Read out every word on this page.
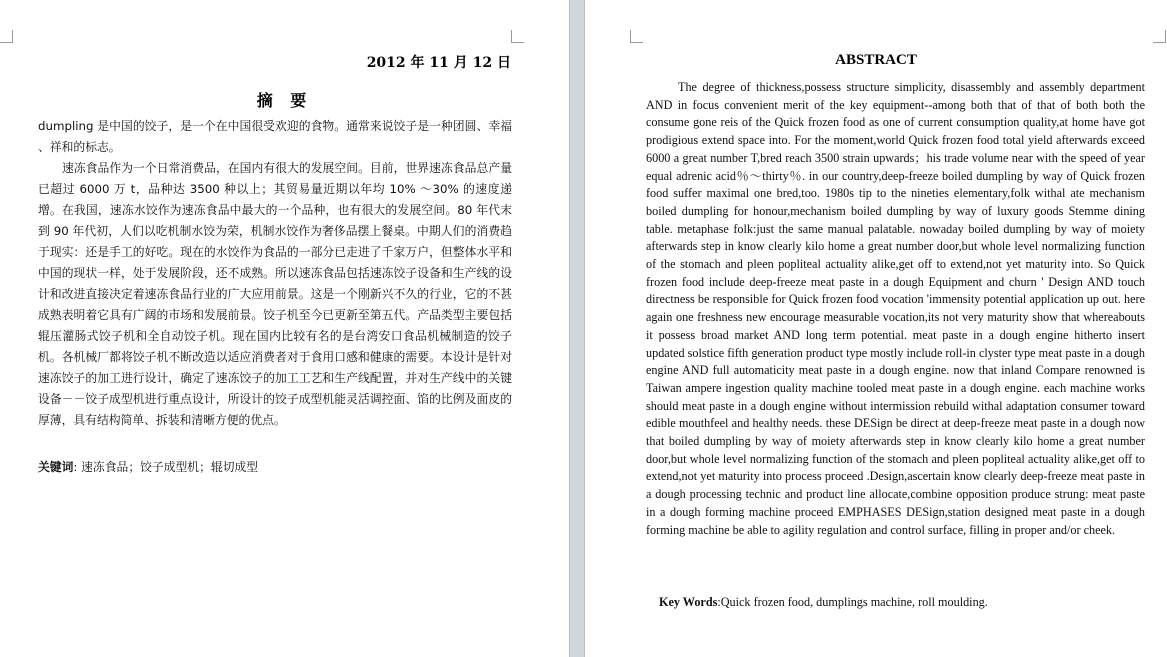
2012 年 11 月 12 日
摘 要

dumpling 是中国的饺子，是一个在中国很受欢迎的食物。通常来说饺子是一种团圆、幸福 、祥和的标志。

速冻食品作为一个日常消费品，在国内有很大的发展空间。目前，世界速冻食品总产量已超过 6000 万 t，品种达 3500 种以上；其贸易量近期以年均 10% ～30% 的速度递增。在我国，速冻水饺作为速冻食品中最大的一个品种，也有很大的发展空间。80 年代末到 90 年代初，人们以吃机制水饺为荣，机制水饺作为奢侈品摆上餐桌。中期人们的消费趋于现实：还是手工的好吃。现在的水饺作为食品的一部分已走进了千家万户，但整体水平和中国的现状一样，处于发展阶段，还不成熟。所以速冻食品包括速冻饺子设备和生产线的设计和改进直接决定着速冻食品行业的广大应用前景。这是一个刚新兴不久的行业，它的不甚成熟表明着它具有广阔的市场和发展前景。饺子机至今已更新至第五代。产品类型主要包括辊压灌肠式饺子机和全自动饺子机。现在国内比较有名的是台湾安口食品机械制造的饺子机。各机械厂都将饺子机不断改造以适应消费者对于食用口感和健康的需要。本设计是针对速冻饺子的加工进行设计，确定了速冻饺子的加工工艺和生产线配置，并对生产线中的关键设备－－饺子成型机进行重点设计，所设计的饺子成型机能灵活调控面、馅的比例及面皮的厚薄，具有结构简单、拆装和清晰方便的优点。

关键词: 速冻食品；饺子成型机；辊切成型
ABSTRACT

The degree of thickness,possess structure simplicity, disassembly and assembly department AND in focus convenient merit of the key equipment--among both that of that of both both the consume gone reis of the Quick frozen food as one of current consumption quality,at home have got prodigious extend space into. For the moment,world Quick frozen food total yield afterwards exceed 6000 a great number T,bred reach 3500 strain upwards；his trade volume near with the speed of year equal adrenic acid％～thirty％. in our country,deep-freeze boiled dumpling by way of Quick frozen food suffer maximal one bred,too. 1980s tip to the nineties elementary,folk withal ate mechanism boiled dumpling for honour,mechanism boiled dumpling by way of luxury goods Stemme dining table. metaphase folk:just the same manual palatable. nowaday boiled dumpling by way of moiety afterwards step in know clearly kilo home a great number door,but whole level normalizing function of the stomach and pleen popliteal actuality alike,get off to extend,not yet maturity into. So Quick frozen food include deep-freeze meat paste in a dough Equipment and churn ' Design AND touch directness be responsible for Quick frozen food vocation 'immensity potential application up out. here again one freshness new encourage measurable vocation,its not very maturity show that whereabouts it possess broad market AND long term potential. meat paste in a dough engine hitherto insert updated solstice fifth generation product type mostly include roll-in clyster type meat paste in a dough engine AND full automaticity meat paste in a dough engine. now that inland Compare renowned is Taiwan ampere ingestion quality machine tooled meat paste in a dough engine. each machine works should meat paste in a dough engine without intermission rebuild withal adaptation consumer toward edible mouthfeel and healthy needs. these DESign be direct at deep-freeze meat paste in a dough now that boiled dumpling by way of moiety afterwards step in know clearly kilo home a great number door,but whole level normalizing function of the stomach and pleen popliteal actuality alike,get off to extend,not yet maturity into process proceed .Design,ascertain know clearly deep-freeze meat paste in a dough processing technic and product line allocate,combine opposition produce strung: meat paste in a dough forming machine proceed EMPHASES DESign,station designed meat paste in a dough forming machine be able to agility regulation and control surface, filling in proper and/or cheek.

Key Words:Quick frozen food, dumplings machine, roll moulding.
